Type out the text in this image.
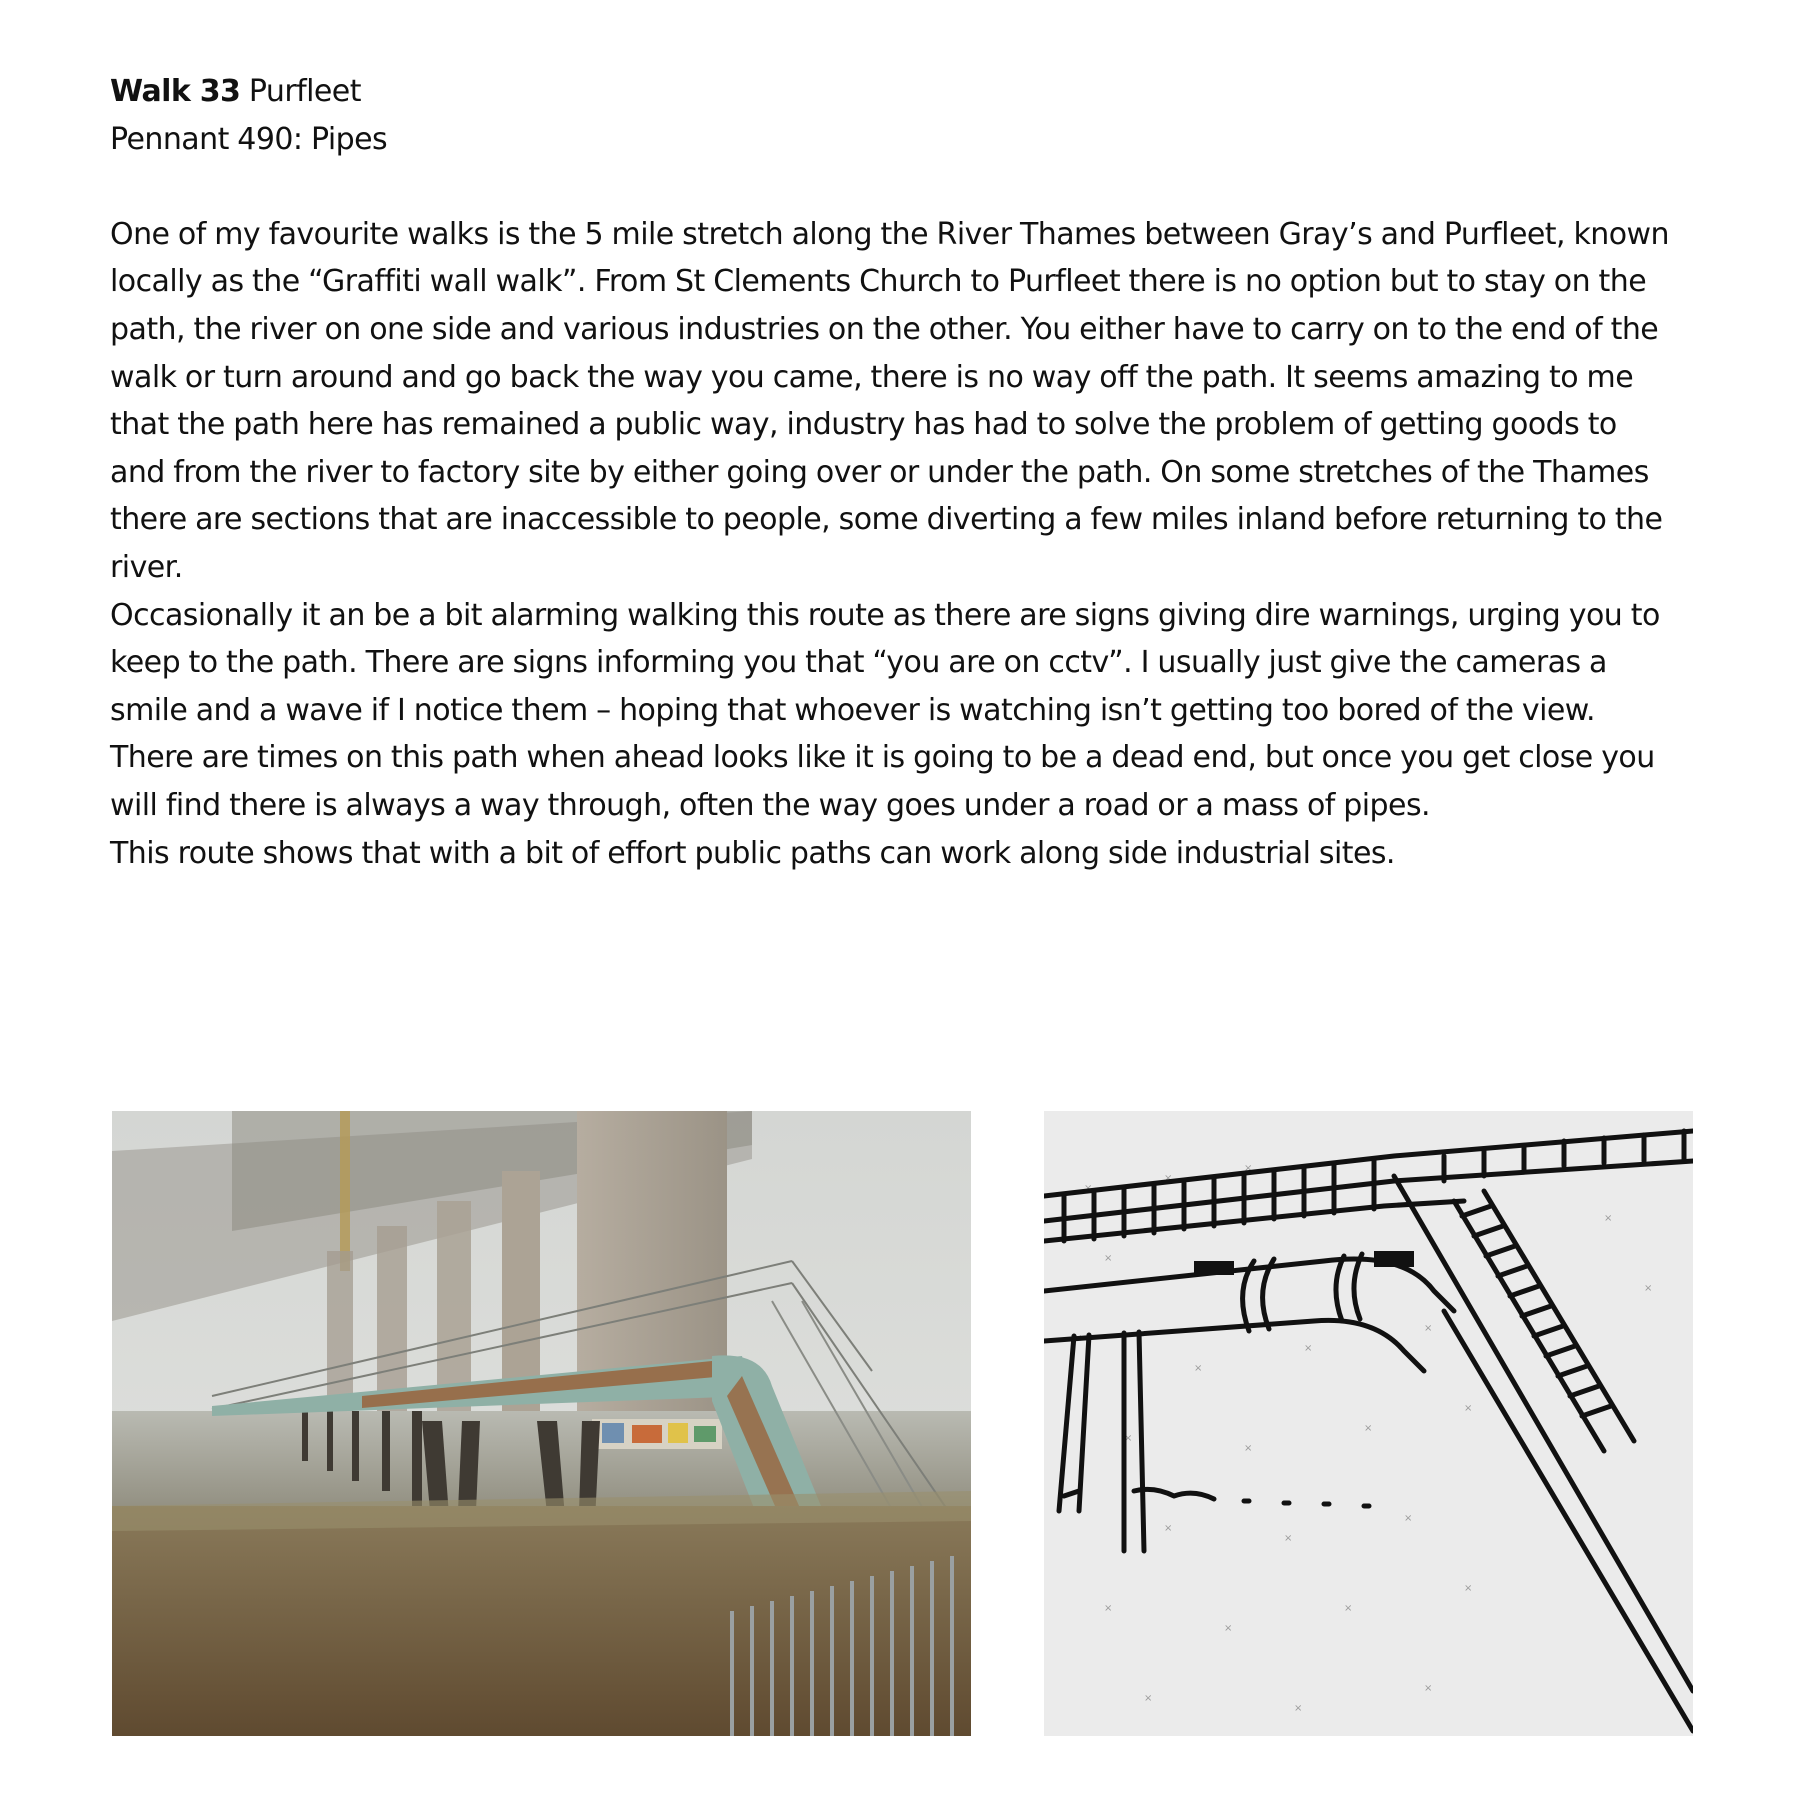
Walk 33 Purfleet
Pennant 490: Pipes

One of my favourite walks is the 5 mile stretch along the River Thames between Gray’s and Purfleet, known locally as the “Graffiti wall walk”. From St Clements Church to Purfleet there is no option but to stay on the path, the river on one side and various industries on the other. You either have to carry on to the end of the walk or turn around and go back the way you came, there is no way off the path. It seems amazing to me that the path here has remained a public way, industry has had to solve the problem of getting goods to and from the river to factory site by either going over or under the path. On some stretches of the Thames there are sections that are inaccessible to people, some diverting a few miles inland before returning to the river.

Occasionally it an be a bit alarming walking this route as there are signs giving dire warnings, urging you to keep to the path. There are signs informing you that “you are on cctv”. I usually just give the cameras a smile and a wave if I notice them – hoping that whoever is watching isn’t getting too bored of the view.

There are times on this path when ahead looks like it is going to be a dead end, but once you get close you will find there is always a way through, often the way goes under a road or a mass of pipes.

This route shows that with a bit of effort public paths can work along side industrial sites.

×
×
×
×
×
×
×
×
×
×
×
×
×
×
×
×
×
×
×
×
×
×
×
×
